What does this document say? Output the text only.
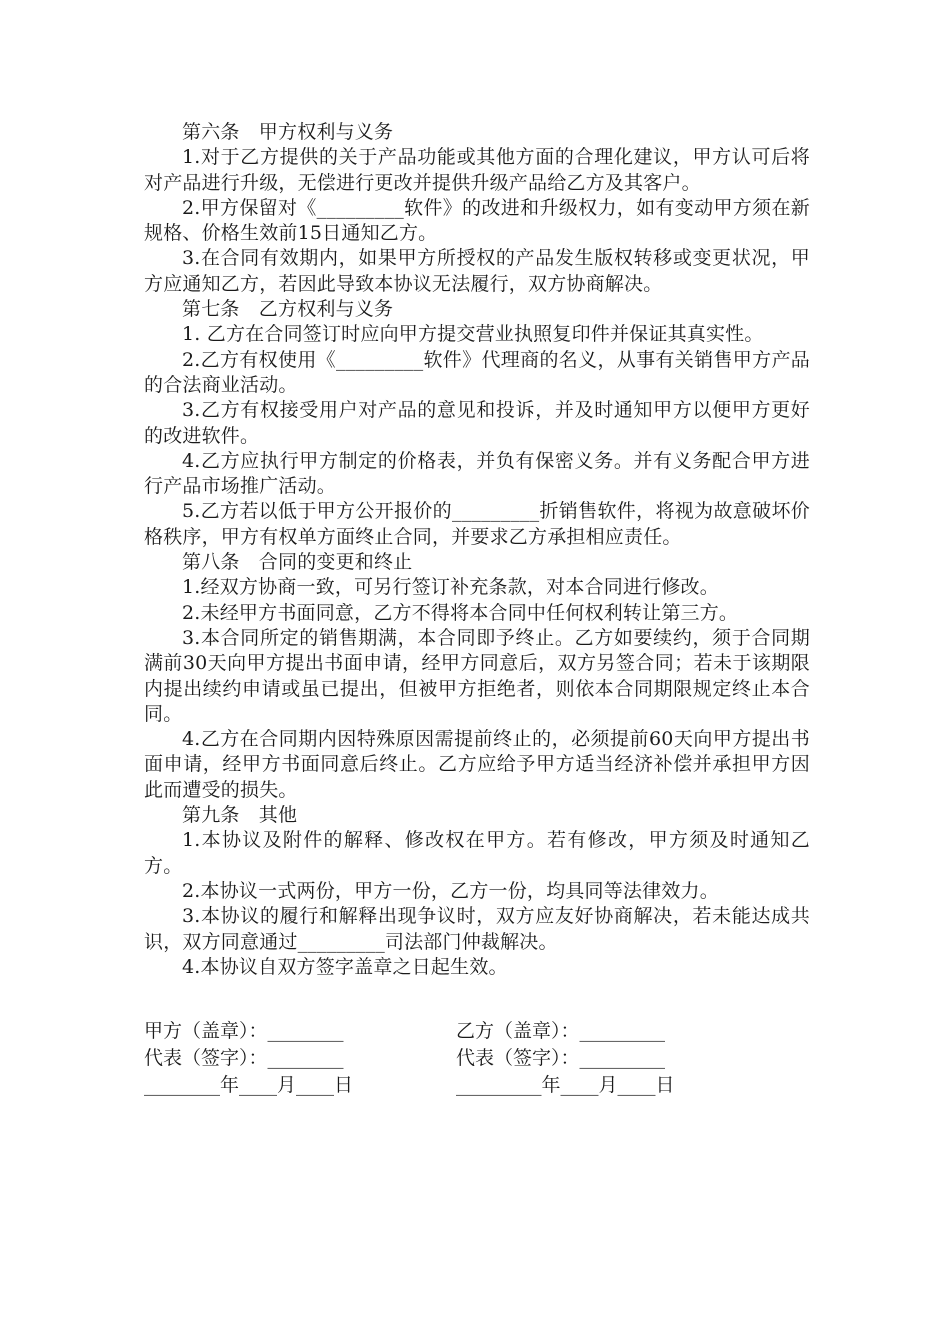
第六条　甲方权利与义务

1.对于乙方提供的关于产品功能或其他方面的合理化建议，甲方认可后将对产品进行升级，无偿进行更改并提供升级产品给乙方及其客户。

2.甲方保留对《_________软件》的改进和升级权力，如有变动甲方须在新规格、价格生效前15日通知乙方。

3.在合同有效期内，如果甲方所授权的产品发生版权转移或变更状况，甲方应通知乙方，若因此导致本协议无法履行，双方协商解决。

第七条　乙方权利与义务

1. 乙方在合同签订时应向甲方提交营业执照复印件并保证其真实性。

2.乙方有权使用《_________软件》代理商的名义，从事有关销售甲方产品的合法商业活动。

3.乙方有权接受用户对产品的意见和投诉，并及时通知甲方以便甲方更好的改进软件。

4.乙方应执行甲方制定的价格表，并负有保密义务。并有义务配合甲方进行产品市场推广活动。

5.乙方若以低于甲方公开报价的_________折销售软件，将视为故意破坏价格秩序，甲方有权单方面终止合同，并要求乙方承担相应责任。

第八条　合同的变更和终止

1.经双方协商一致，可另行签订补充条款，对本合同进行修改。

2.未经甲方书面同意，乙方不得将本合同中任何权利转让第三方。

3.本合同所定的销售期满，本合同即予终止。乙方如要续约，须于合同期满前30天向甲方提出书面申请，经甲方同意后，双方另签合同；若未于该期限内提出续约申请或虽已提出，但被甲方拒绝者，则依本合同期限规定终止本合同。

4.乙方在合同期内因特殊原因需提前终止的，必须提前60天向甲方提出书面申请，经甲方书面同意后终止。乙方应给予甲方适当经济补偿并承担甲方因此而遭受的损失。

第九条　其他

1.本协议及附件的解释、修改权在甲方。若有修改，甲方须及时通知乙方。

2.本协议一式两份，甲方一份，乙方一份，均具同等法律效力。

3.本协议的履行和解释出现争议时，双方应友好协商解决，若未能达成共识，双方同意通过_________司法部门仲裁解决。

4.本协议自双方签字盖章之日起生效。

甲方（盖章）：________	乙方（盖章）：_________
代表（签字）：________	代表（签字）：_________
________年____月____日	_________年____月____日
